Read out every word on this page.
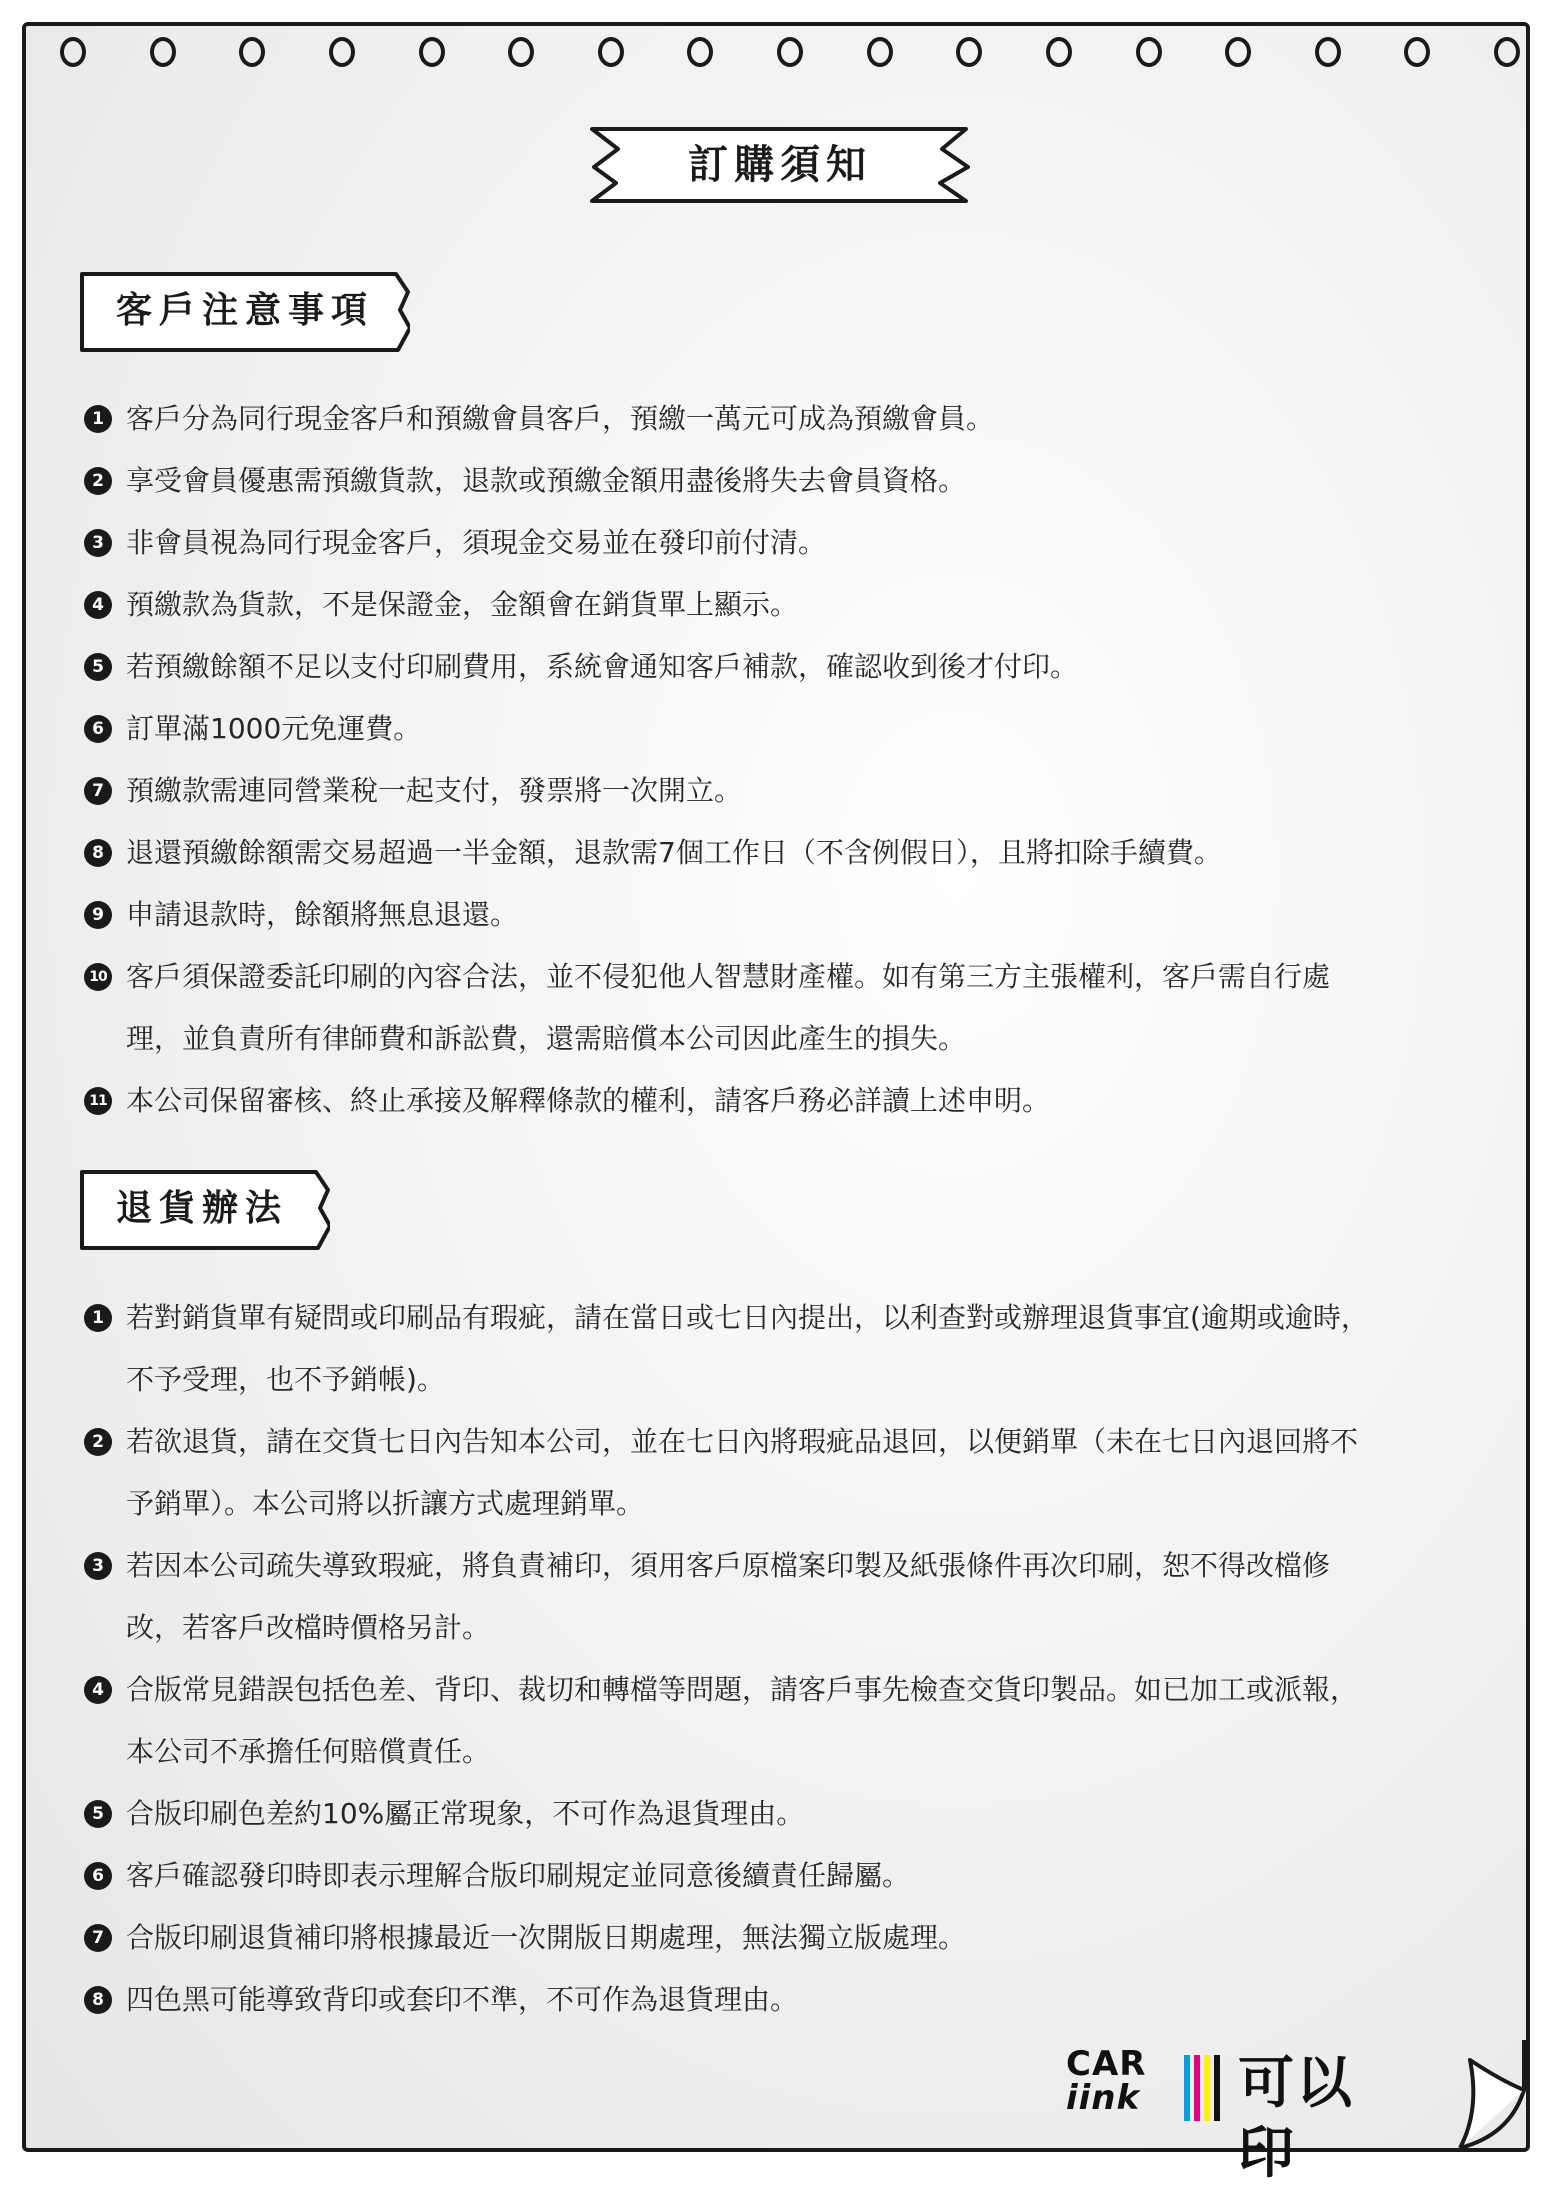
訂購須知
客戶注意事項
1 客戶分為同行現金客戶和預繳會員客戶，預繳一萬元可成為預繳會員。
2 享受會員優惠需預繳貨款，退款或預繳金額用盡後將失去會員資格。
3 非會員視為同行現金客戶，須現金交易並在發印前付清。
4 預繳款為貨款，不是保證金，金額會在銷貨單上顯示。
5 若預繳餘額不足以支付印刷費用，系統會通知客戶補款，確認收到後才付印。
6 訂單滿1000元免運費。
7 預繳款需連同營業稅一起支付，發票將一次開立。
8 退還預繳餘額需交易超過一半金額，退款需7個工作日（不含例假日），且將扣除手續費。
9 申請退款時，餘額將無息退還。
10 客戶須保證委託印刷的內容合法，並不侵犯他人智慧財產權。如有第三方主張權利，客戶需自行處
理，並負責所有律師費和訴訟費，還需賠償本公司因此產生的損失。
11 本公司保留審核、終止承接及解釋條款的權利，請客戶務必詳讀上述申明。
退貨辦法
1 若對銷貨單有疑問或印刷品有瑕疵，請在當日或七日內提出，以利查對或辦理退貨事宜(逾期或逾時，
不予受理，也不予銷帳)。
2 若欲退貨，請在交貨七日內告知本公司，並在七日內將瑕疵品退回，以便銷單（未在七日內退回將不
予銷單）。本公司將以折讓方式處理銷單。
3 若因本公司疏失導致瑕疵，將負責補印，須用客戶原檔案印製及紙張條件再次印刷，恕不得改檔修
改，若客戶改檔時價格另計。
4 合版常見錯誤包括色差、背印、裁切和轉檔等問題，請客戶事先檢查交貨印製品。如已加工或派報，
本公司不承擔任何賠償責任。
5 合版印刷色差約10%屬正常現象，不可作為退貨理由。
6 客戶確認發印時即表示理解合版印刷規定並同意後續責任歸屬。
7 合版印刷退貨補印將根據最近一次開版日期處理，無法獨立版處理。
8 四色黑可能導致背印或套印不準，不可作為退貨理由。
CAR
iink 可以印
